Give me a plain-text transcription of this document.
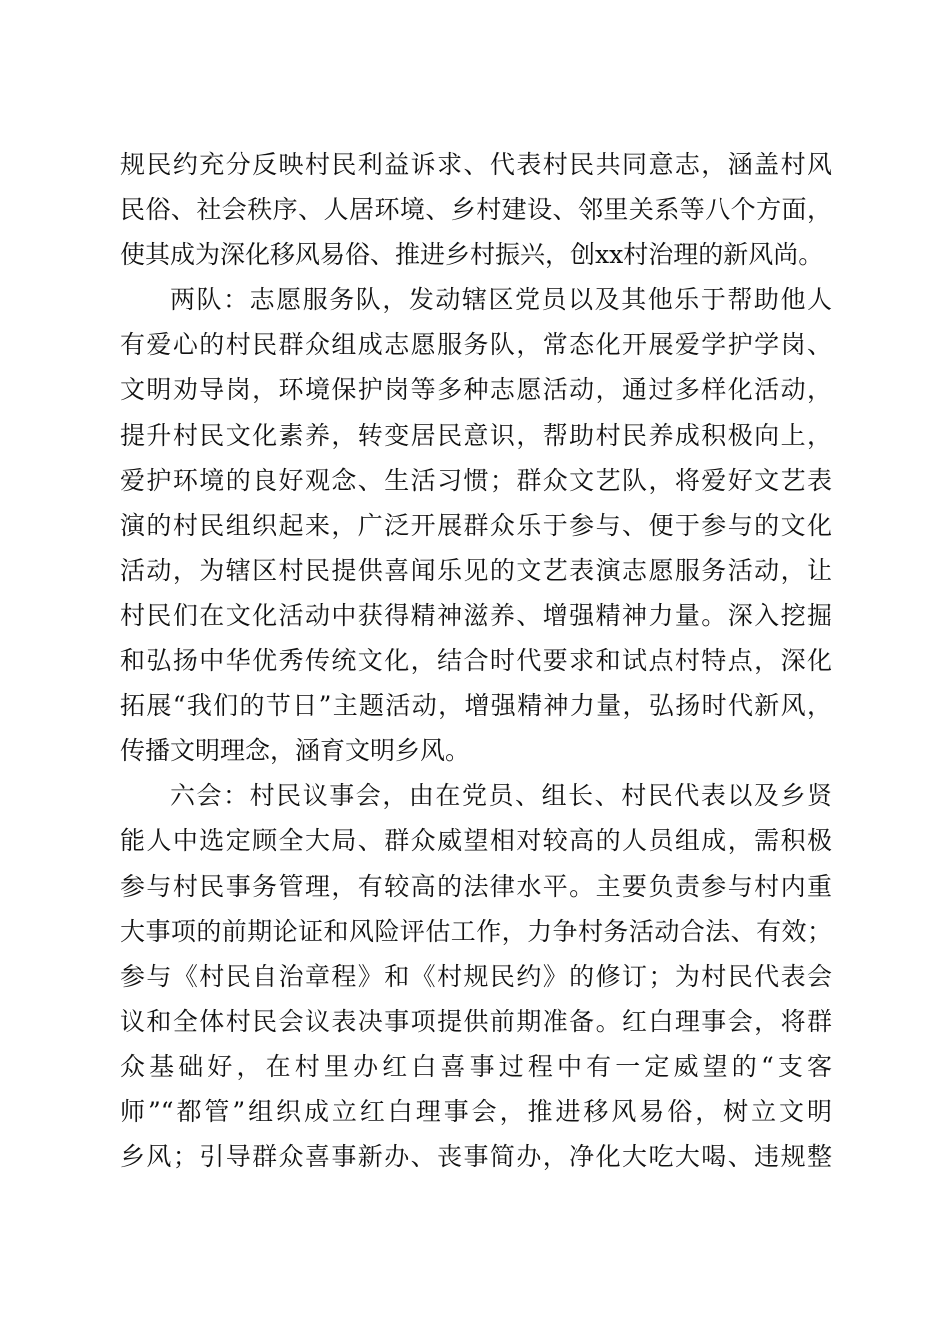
规民约充分反映村民利益诉求、代表村民共同意志，涵盖村风
民俗、社会秩序、人居环境、乡村建设、邻里关系等八个方面，
使其成为深化移风易俗、推进乡村振兴，创xx村治理的新风尚。
两队：志愿服务队，发动辖区党员以及其他乐于帮助他人
有爱心的村民群众组成志愿服务队，常态化开展爱学护学岗、
文明劝导岗，环境保护岗等多种志愿活动，通过多样化活动，
提升村民文化素养，转变居民意识，帮助村民养成积极向上，
爱护环境的良好观念、生活习惯；群众文艺队，将爱好文艺表
演的村民组织起来，广泛开展群众乐于参与、便于参与的文化
活动，为辖区村民提供喜闻乐见的文艺表演志愿服务活动，让
村民们在文化活动中获得精神滋养、增强精神力量。深入挖掘
和弘扬中华优秀传统文化，结合时代要求和试点村特点，深化
拓展“我们的节日”主题活动，增强精神力量，弘扬时代新风，
传播文明理念，涵育文明乡风。
六会：村民议事会，由在党员、组长、村民代表以及乡贤
能人中选定顾全大局、群众威望相对较高的人员组成，需积极
参与村民事务管理，有较高的法律水平。主要负责参与村内重
大事项的前期论证和风险评估工作，力争村务活动合法、有效；
参与《村民自治章程》和《村规民约》的修订；为村民代表会
议和全体村民会议表决事项提供前期准备。红白理事会，将群
众基础好，在村里办红白喜事过程中有一定威望的“支客
师”“都管”组织成立红白理事会，推进移风易俗，树立文明
乡风；引导群众喜事新办、丧事简办，净化大吃大喝、违规整
